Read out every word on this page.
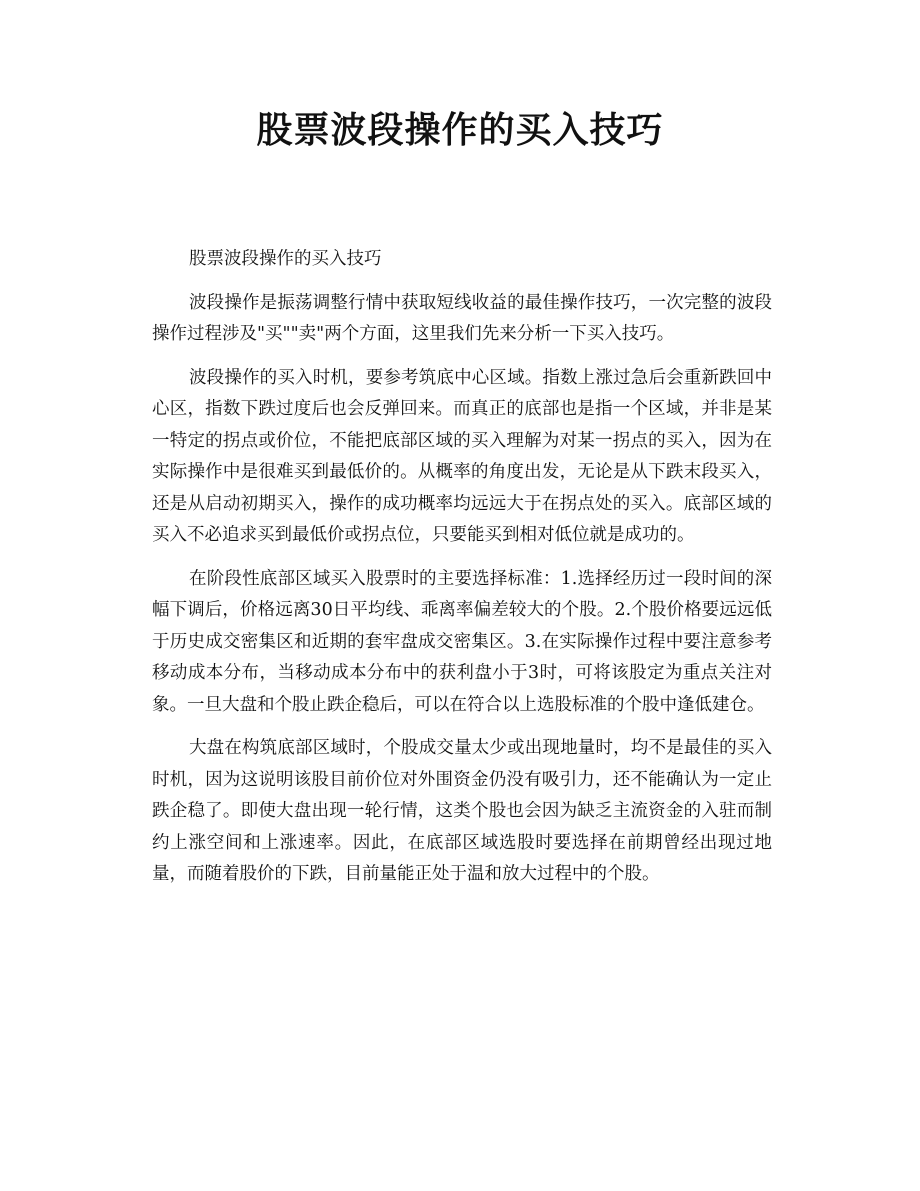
股票波段操作的买入技巧

股票波段操作的买入技巧

波段操作是振荡调整行情中获取短线收益的最佳操作技巧，一次完整的波段操作过程涉及"买""卖"两个方面，这里我们先来分析一下买入技巧。

波段操作的买入时机，要参考筑底中心区域。指数上涨过急后会重新跌回中心区，指数下跌过度后也会反弹回来。而真正的底部也是指一个区域，并非是某一特定的拐点或价位，不能把底部区域的买入理解为对某一拐点的买入，因为在实际操作中是很难买到最低价的。从概率的角度出发，无论是从下跌末段买入，还是从启动初期买入，操作的成功概率均远远大于在拐点处的买入。底部区域的买入不必追求买到最低价或拐点位，只要能买到相对低位就是成功的。

在阶段性底部区域买入股票时的主要选择标准：1.选择经历过一段时间的深幅下调后，价格远离30日平均线、乖离率偏差较大的个股。2.个股价格要远远低于历史成交密集区和近期的套牢盘成交密集区。3.在实际操作过程中要注意参考移动成本分布，当移动成本分布中的获利盘小于3时，可将该股定为重点关注对象。一旦大盘和个股止跌企稳后，可以在符合以上选股标准的个股中逢低建仓。

大盘在构筑底部区域时，个股成交量太少或出现地量时，均不是最佳的买入时机，因为这说明该股目前价位对外围资金仍没有吸引力，还不能确认为一定止跌企稳了。即使大盘出现一轮行情，这类个股也会因为缺乏主流资金的入驻而制约上涨空间和上涨速率。因此，在底部区域选股时要选择在前期曾经出现过地量，而随着股价的下跌，目前量能正处于温和放大过程中的个股。
